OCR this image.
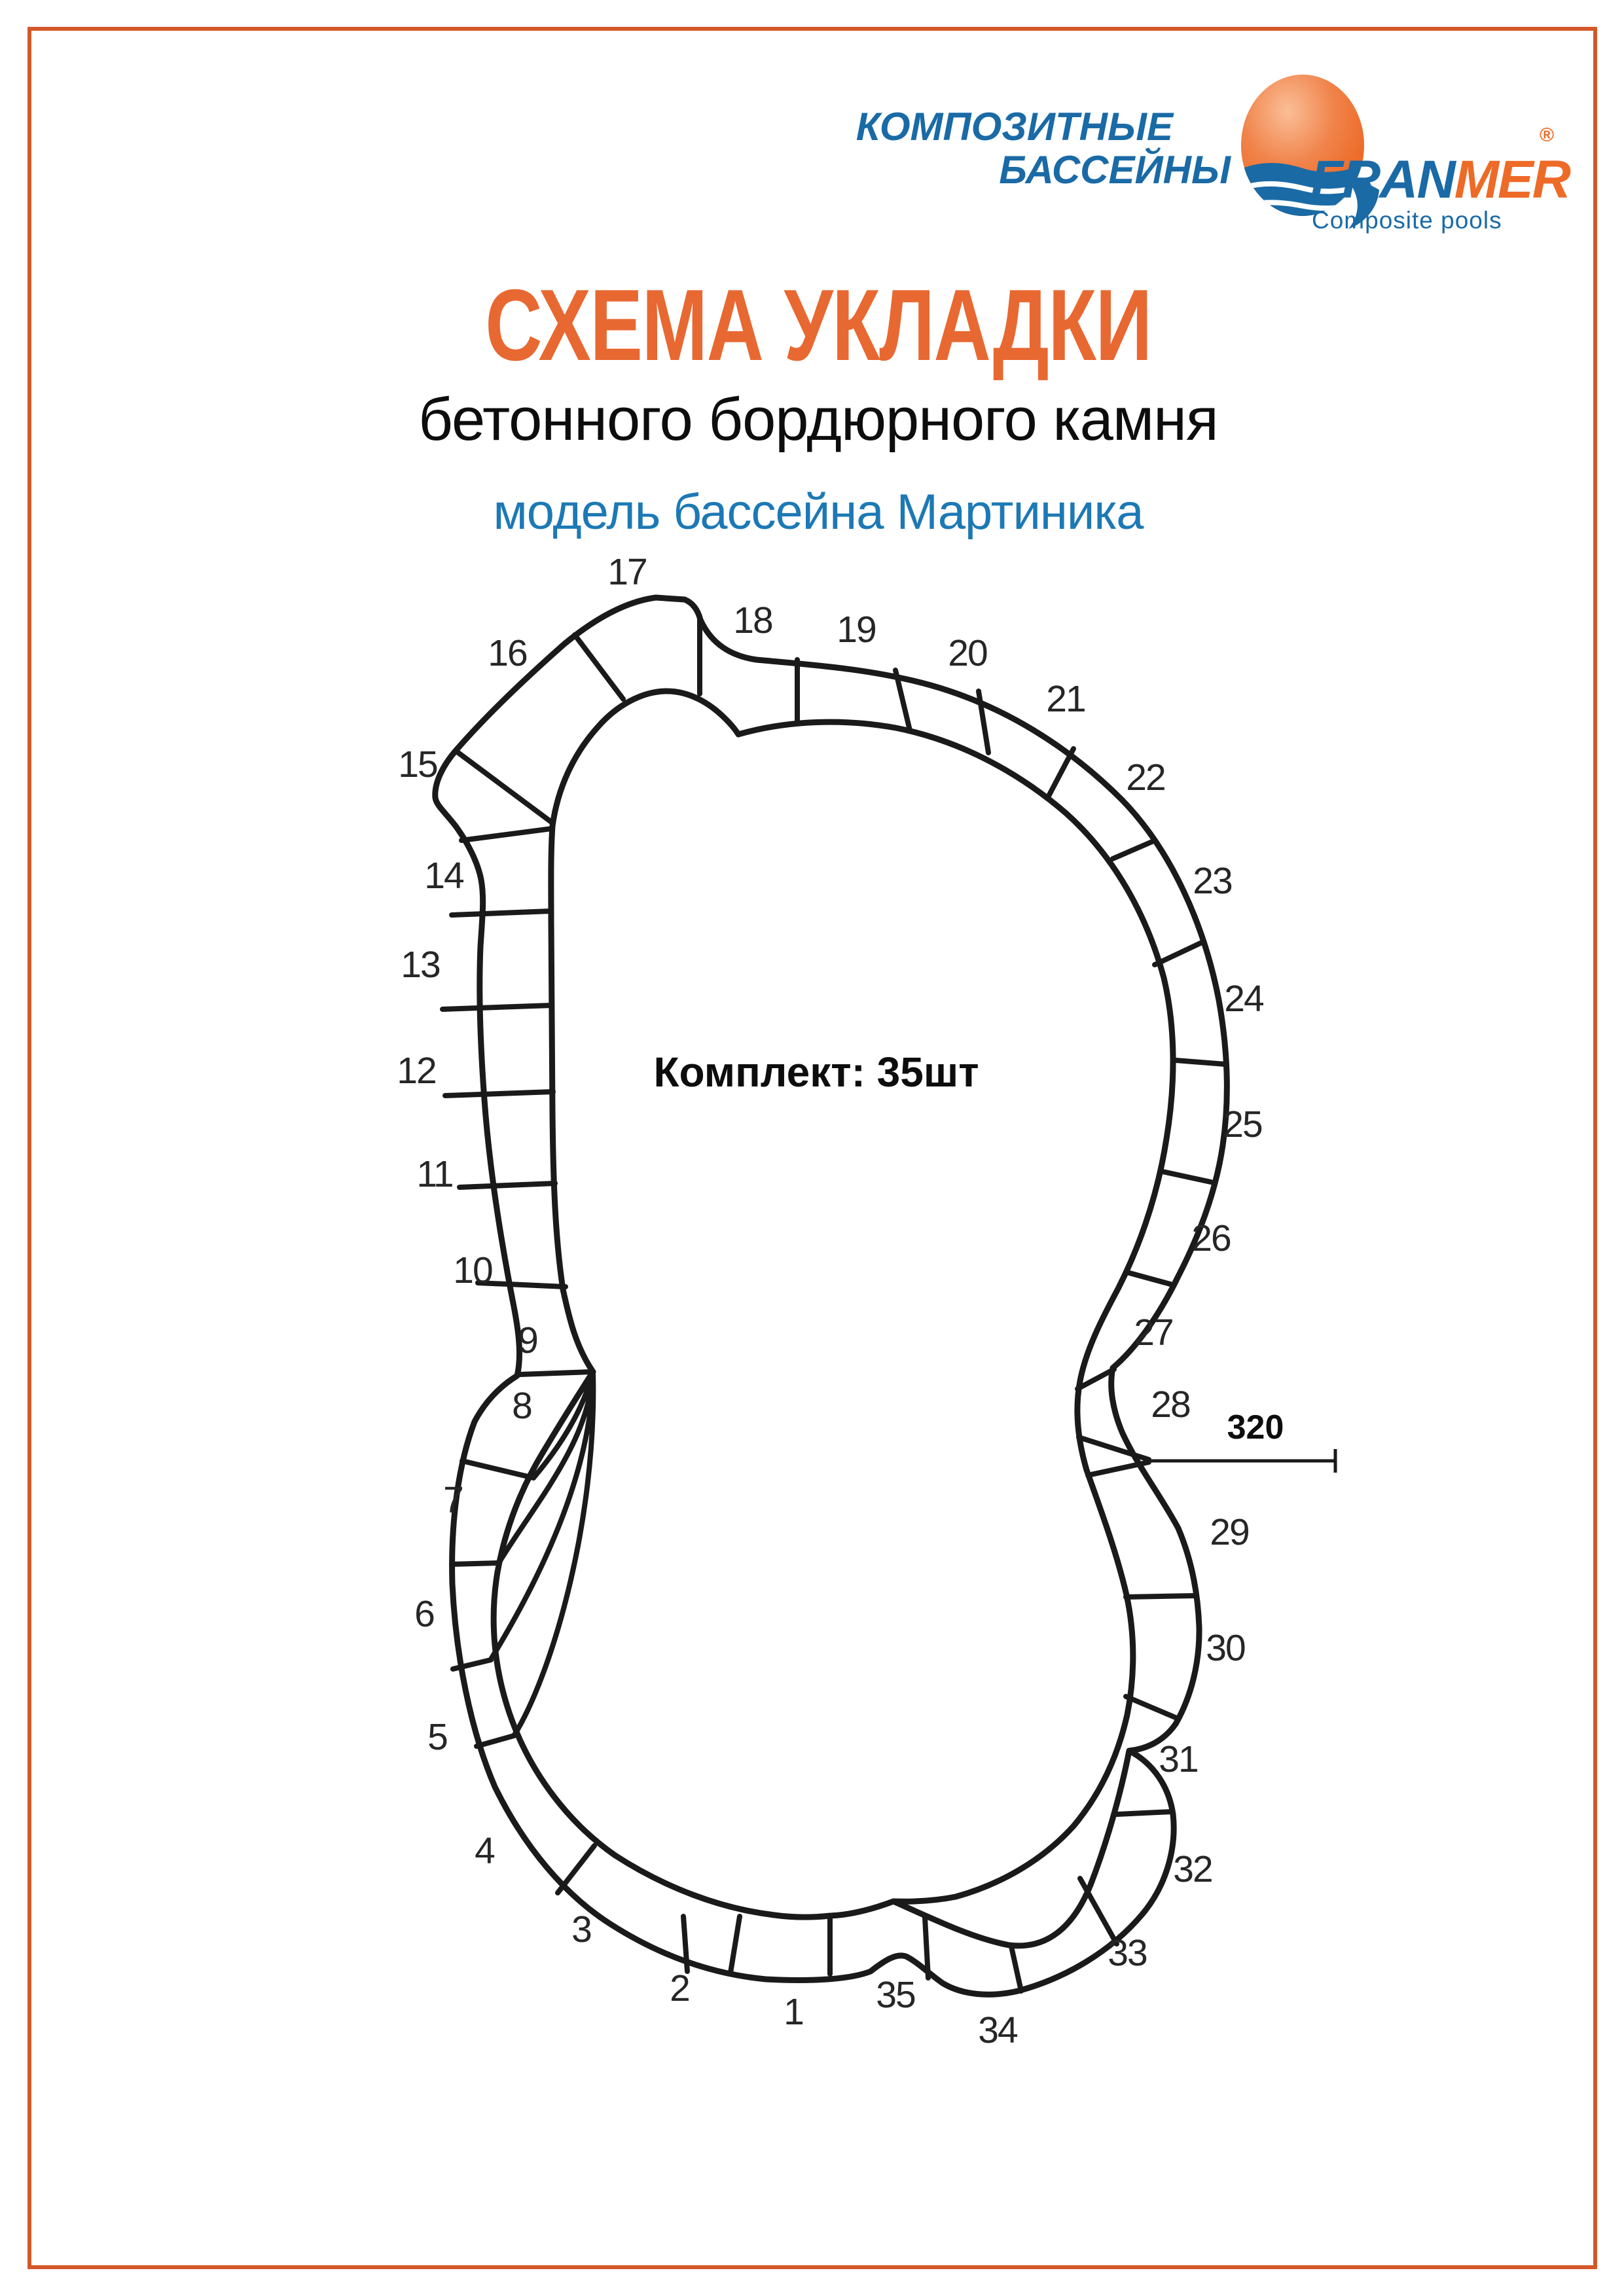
КОМПОЗИТНЫЕ
БАССЕЙНЫ FRANMER
®
Composite pools
СХЕМА УКЛАДКИ
бетонного бордюрного камня
модель бассейна Мартиника
320
Комплект: 35шт
1
2
3
4
5
6
7
8
9
10
11
12
13
14
15
16
17
18 19
20
21
22
23
24
25
26
27
28
29
30
31
32
33
34
35
